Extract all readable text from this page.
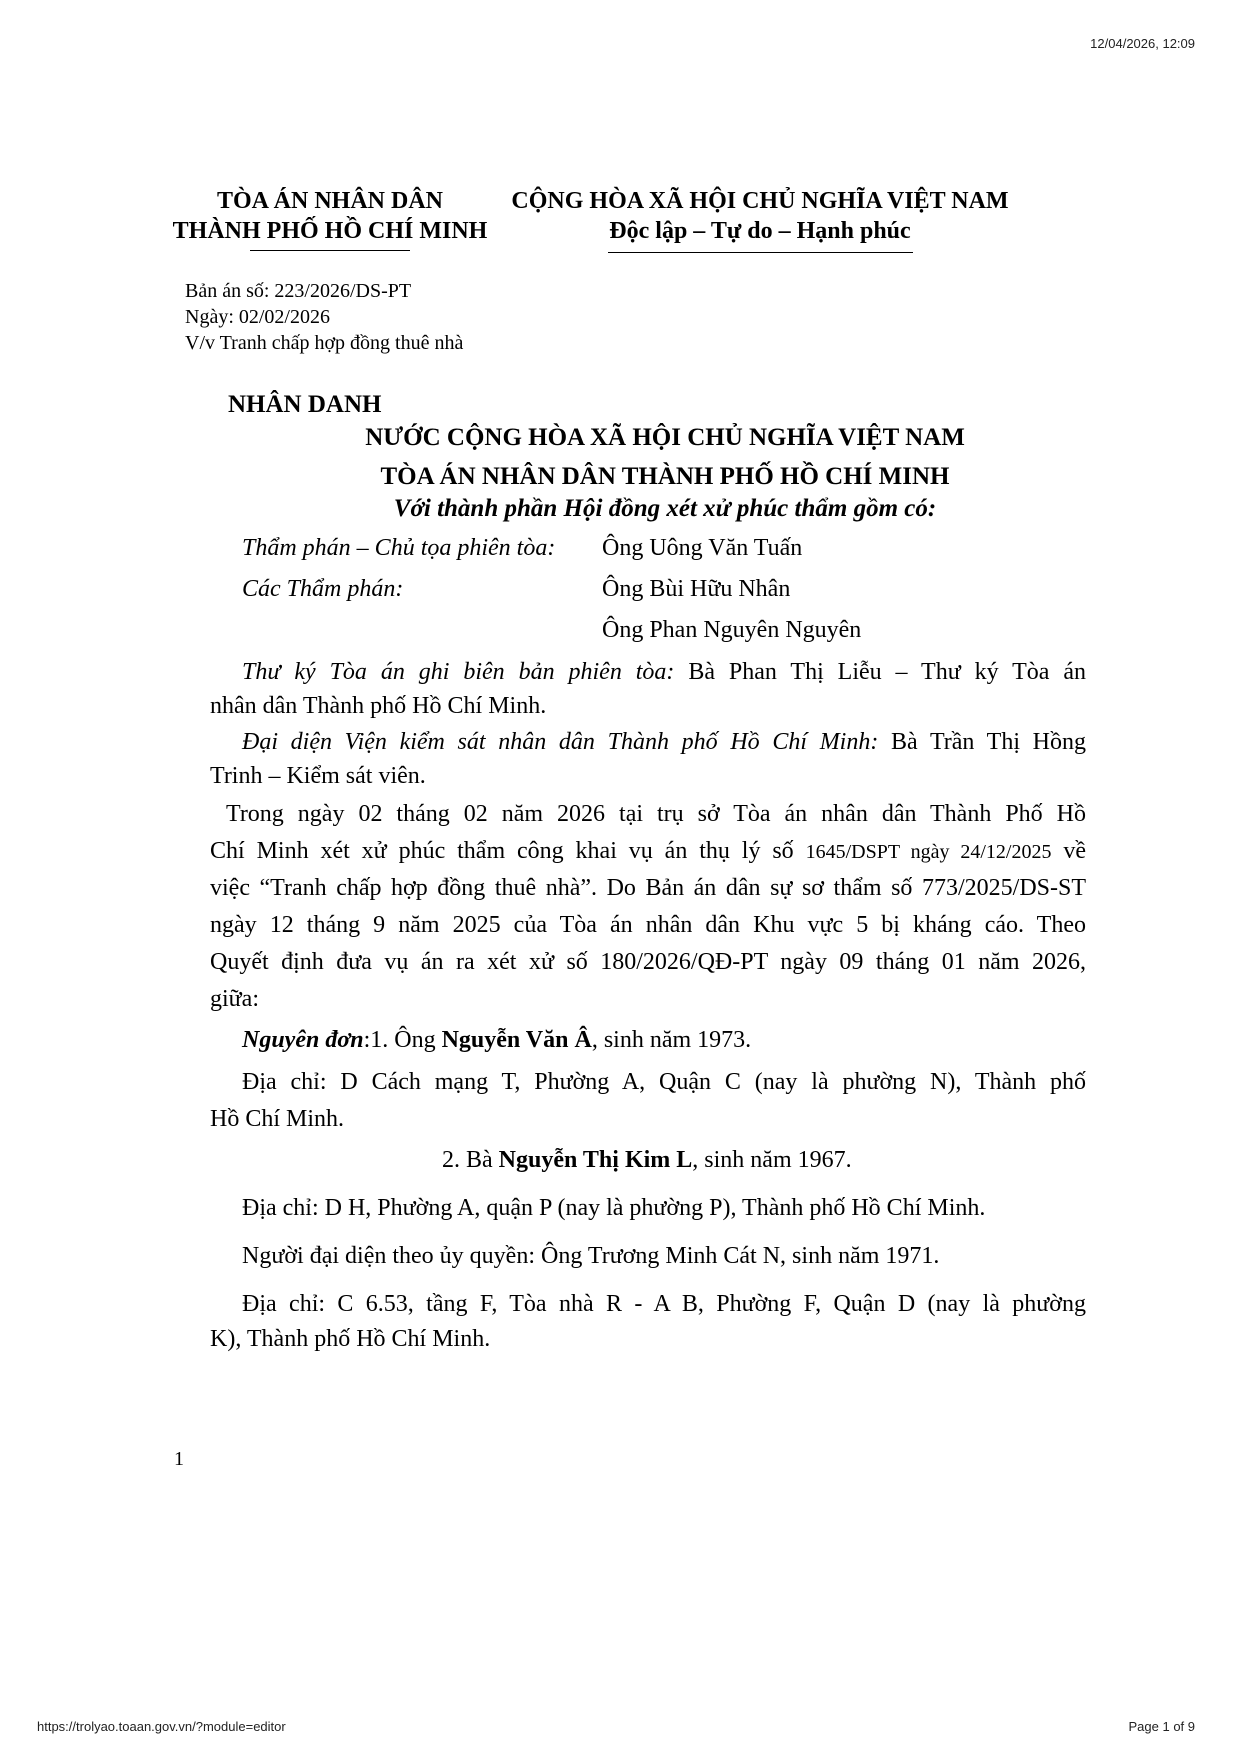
12/04/2026, 12:09
TÒA ÁN NHÂN DÂN
THÀNH PHỐ HỒ CHÍ MINH
CỘNG HÒA XÃ HỘI CHỦ NGHĨA VIỆT NAM
Độc lập – Tự do – Hạnh phúc
Bản án số: 223/2026/DS-PT
Ngày: 02/02/2026
V/v Tranh chấp hợp đồng thuê nhà
NHÂN DANH
NƯỚC CỘNG HÒA XÃ HỘI CHỦ NGHĨA VIỆT NAM
TÒA ÁN NHÂN DÂN THÀNH PHỐ HỒ CHÍ MINH
Với thành phần Hội đồng xét xử phúc thẩm gồm có:
Thẩm phán – Chủ tọa phiên tòa: Ông Uông Văn Tuấn
Các Thẩm phán:	Ông Bùi Hữu Nhân
Ông Phan Nguyên Nguyên
Thư ký Tòa án ghi biên bản phiên tòa: Bà Phan Thị Liễu – Thư ký Tòa án
nhân dân Thành phố Hồ Chí Minh.
Đại diện Viện kiểm sát nhân dân Thành phố Hồ Chí Minh: Bà Trần Thị Hồng
Trinh – Kiểm sát viên.
Trong ngày 02 tháng 02 năm 2026 tại trụ sở Tòa án nhân dân Thành Phố Hồ
Chí Minh xét xử phúc thẩm công khai vụ án thụ lý số 1645/DSPT ngày 24/12/2025 về
việc “Tranh chấp hợp đồng thuê nhà”. Do Bản án dân sự sơ thẩm số 773/2025/DS-ST
ngày 12 tháng 9 năm 2025 của Tòa án nhân dân Khu vực 5 bị kháng cáo. Theo
Quyết định đưa vụ án ra xét xử số 180/2026/QĐ-PT ngày 09 tháng 01 năm 2026,
giữa:
Nguyên đơn:1. Ông Nguyễn Văn Â, sinh năm 1973.
Địa chỉ: D Cách mạng T, Phường A, Quận C (nay là phường N), Thành phố
Hồ Chí Minh.
2. Bà Nguyễn Thị Kim L, sinh năm 1967.
Địa chỉ: D H, Phường A, quận P (nay là phường P), Thành phố Hồ Chí Minh.
Người đại diện theo ủy quyền: Ông Trương Minh Cát N, sinh năm 1971.
Địa chỉ: C 6.53, tầng F, Tòa nhà R - A B, Phường F, Quận D (nay là phường
K), Thành phố Hồ Chí Minh.
1
https://trolyao.toaan.gov.vn/?module=editor	Page 1 of 9
